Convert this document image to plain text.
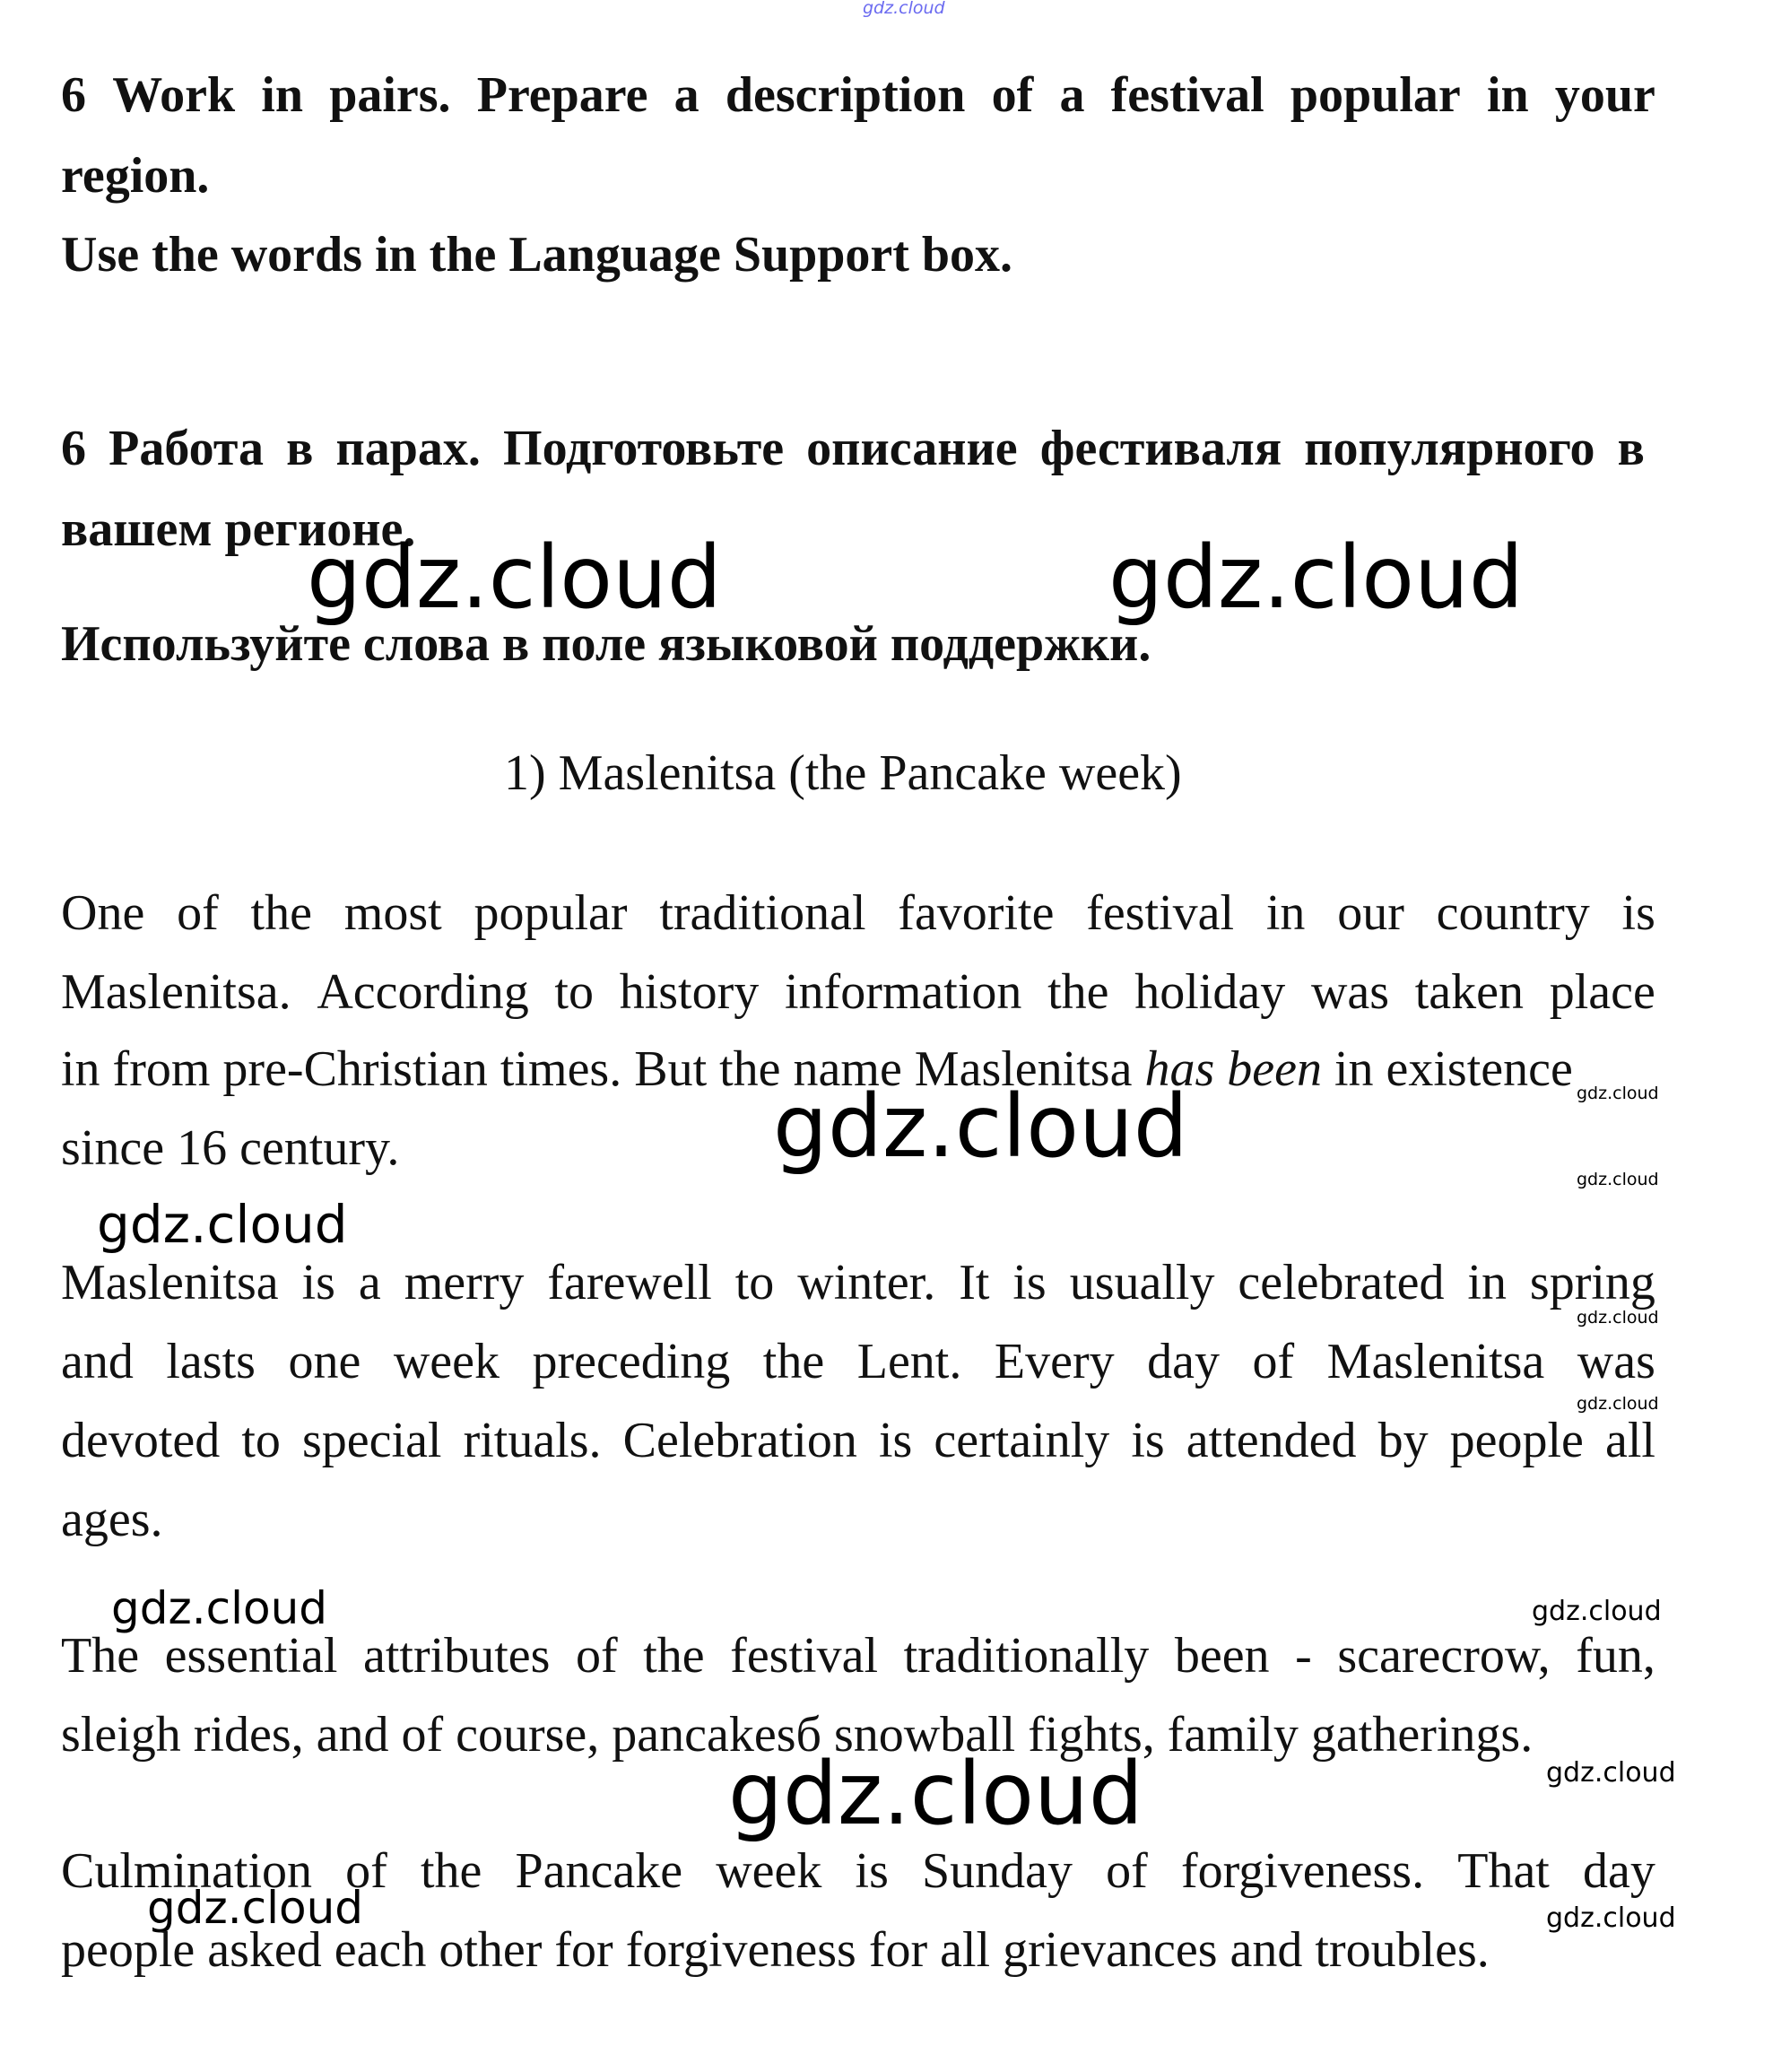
gdz.cloud
6 Work in pairs. Prepare a description of a festival popular in your
region.
Use the words in the Language Support box.
6 Работа в парах. Подготовьте описание фестиваля популярного в
вашем регионе.
Используйте слова в поле языковой поддержки.
gdz.cloud	gdz.cloud
1) Maslenitsa (the Pancake week)
One of the most popular traditional favorite festival in our country is
Maslenitsa. According to history information the holiday was taken place
in from pre-Christian times. But the name Maslenitsa has been in existence
since 16 century.	gdz.cloud	gdz.cloud
gdz.cloud
gdz.cloud
Maslenitsa is a merry farewell to winter. It is usually celebrated in spring
gdz.cloud
and lasts one week preceding the Lent. Every day of Maslenitsa was
gdz.cloud
devoted to special rituals. Celebration is certainly is attended by people all
ages.
gdz.cloud	gdz.cloud
The essential attributes of the festival traditionally been - scarecrow, fun,
sleigh rides, and of course, pancakesб snowball fights, family gatherings.
gdz.cloud
gdz.cloud
Culmination of the Pancake week is Sunday of forgiveness. That day
gdz.cloud	gdz.cloud
people asked each other for forgiveness for all grievances and troubles.
